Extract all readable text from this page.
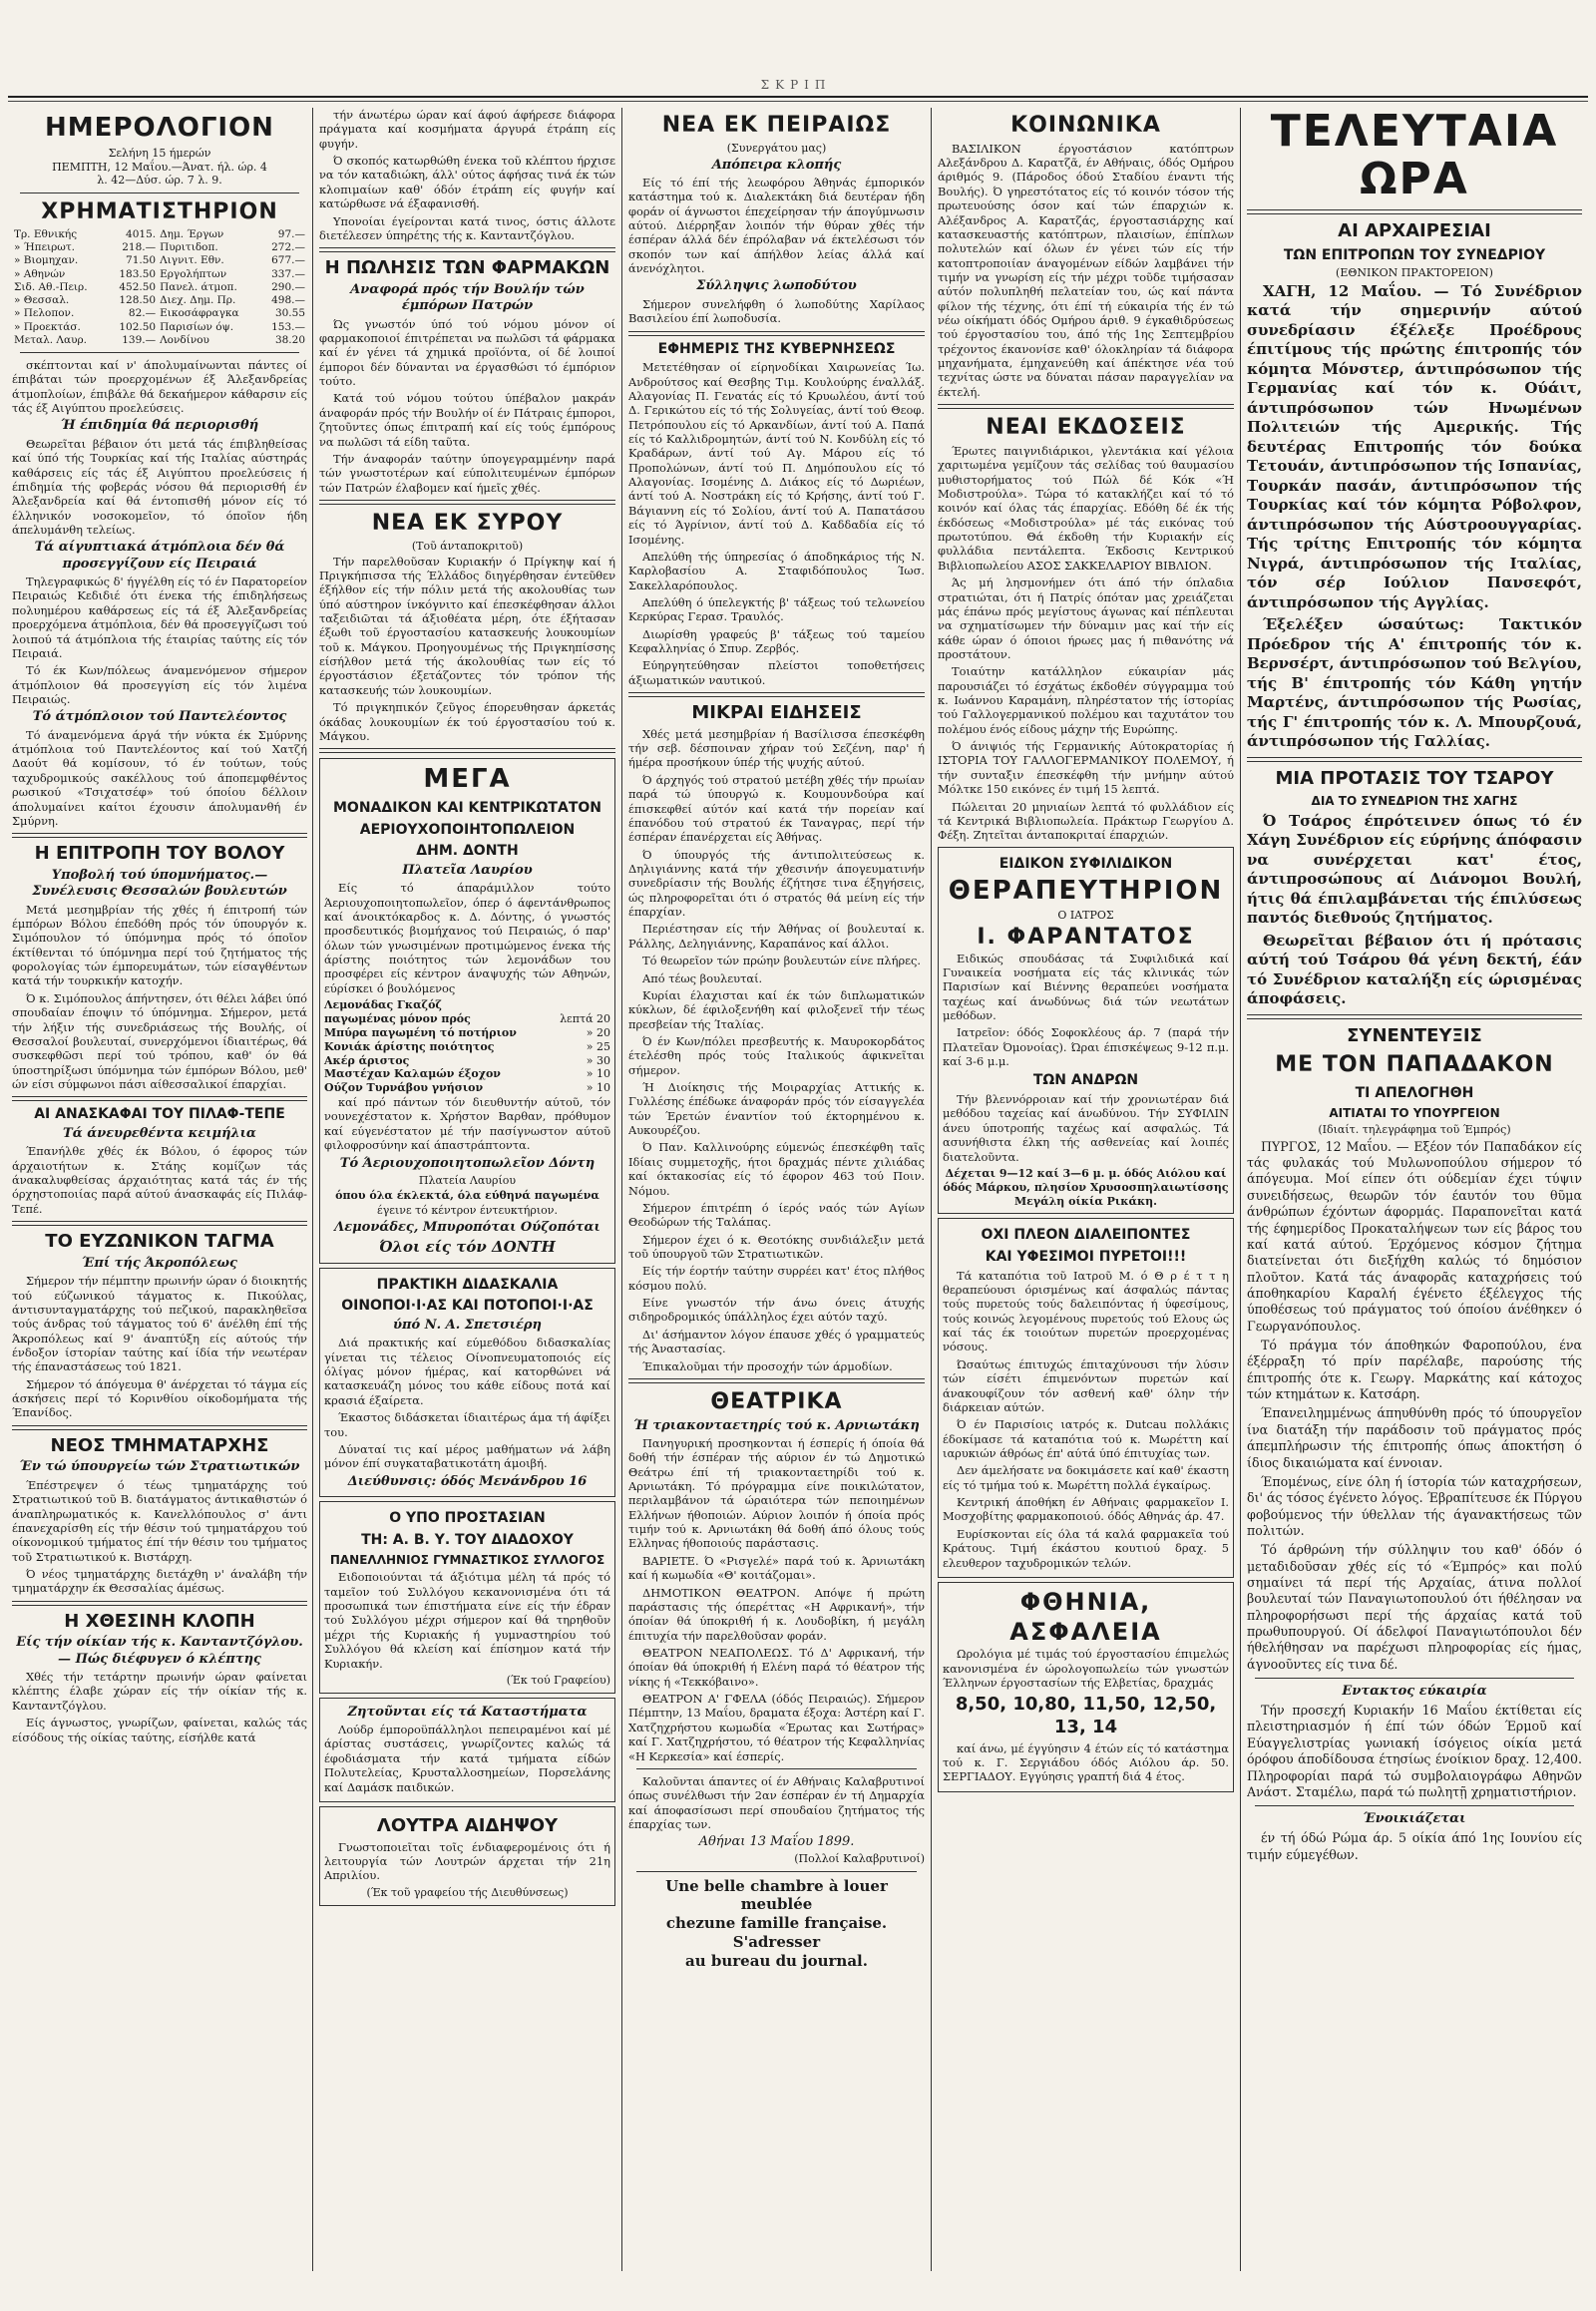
ΣΚΡΙΠ
ΗΜΕΡΟΛΟΓΙΟΝ
Σελήνη 15 ήμερών
ΠΕΜΠΤΗ, 12 Μαΐου.—Άνατ. ήλ. ώρ. 4
λ. 42—Δύσ. ώρ. 7 λ. 9.
ΧΡΗΜΑΤΙΣΤΗΡΙΟΝ
Τρ. Εθνικής	4015.	Δημ. Έργων	97.—
» Ήπειρωτ.	218.—	Πυριτιδοπ.	272.—
» Βιομηχαν.	71.50	Λιγνιτ. Εθν.	677.—
» Αθηνών	183.50	Εργολήπτων	337.—
Σιδ. Αθ.-Πειρ.	452.50	Πανελ. άτμοπ.	290.—
» Θεσσαλ.	128.50	Διεχ. Δημ. Πρ.	498.—
» Πελοπον.	82.—	Εικοσάφραγκα	30.55
» Προεκτάσ.	102.50	Παρισίων όψ.	153.—
Μεταλ. Λαυρ.	139.—	Λονδίνου	38.20
σκέπτονται καί ν' άπολυμαίνωνται πάντες οί έπιβάται τών προερχομένων έξ Άλεξανδρείας άτμοπλοίων, έπιβάλε θά δεκαήμερον κάθαρσιν είς τάς έξ Αιγύπτου προελεύσεις.
Ή έπιδημία θά περιορισθή
Θεωρεῖται βέβαιον ότι μετά τάς έπιβληθείσας καί ύπό τής Τουρκίας καί τής Ιταλίας αύστηράς καθάρσεις είς τάς έξ Αιγύπτου προελεύσεις ή έπιδημία τής φοβεράς νόσου θά περιορισθή έν Άλεξανδρεία καί θά έντοπισθή μόνον είς τό έλληνικόν νοσοκομεῖον, τό όποῖον ήδη άπελυμάνθη τελείως.
Τά αίγυπτιακά άτμόπλοια δέν θά προσεγγίζουν είς Πειραιά
Τηλεγραφικώς δ' ήγγέλθη είς τό έν Παρατορείον Πειραιώς Κεδιδιέ ότι ένεκα τής έπιδηλήσεως πολυημέρου καθάρσεως είς τά έξ Άλεξανδρείας προερχόμενα άτμόπλοια, δέν θά προσεγγίζωσι τού λοιπού τά άτμόπλοια τής έταιρίας ταύτης είς τόν Πειραιά.
Τό έκ Κων/πόλεως άναμενόμενον σήμερον άτμόπλοιον θά προσεγγίση είς τόν λιμένα Πειραιώς.
Τό άτμόπλοιον τού Παντελέοντος
Τό άναμενόμενα άργά τήν νύκτα έκ Σμύρνης άτμόπλοια τού Παντελέοντος καί τού Χατζή Δαούτ θά κομίσουν, τό έν τούτων, τούς ταχυδρομικούς σακέλλους τού άποπεμφθέντος ρωσικού «Τσιχατσέφ» τού όποίου δέλλοιν άπολυμαίνει καίτοι έχουσιν άπολυμανθή έν Σμύρνη.
Η ΕΠΙΤΡΟΠΗ ΤΟΥ ΒΟΛΟΥ
Υποβολή τού ύπομνήματος.— Συνέλευσις Θεσσαλών βουλευτών
Μετά μεσημβρίαν τής χθές ή έπιτροπή τών έμπόρων Βόλου έπεδόθη πρός τόν ύπουργόν κ. Σιμόπουλον τό ύπόμνημα πρός τό όποῖον έκτίθενται τό ύπόμνημα περί τού ζητήματος τής φορολογίας τών έμπορευμάτων, τών είσαγθέντων κατά τήν τουρκικήν κατοχήν.
Ό κ. Σιμόπουλος άπήντησεν, ότι θέλει λάβει ύπό σπουδαίαν έποψιν τό ύπόμνημα. Σήμερον, μετά τήν λήξιν τής συνεδριάσεως τής Βουλής, οί Θεσσαλοί βουλευταί, συνερχόμενοι ίδιαιτέρως, θά συσκεφθῶσι περί τού τρόπου, καθ' όν θά ύποστηρίξωσι ύπόμνημα τών έμπόρων Βόλου, μεθ' ών είσι σύμφωνοι πάσι αίθεσσαλικοί έπαρχίαι.
ΑΙ ΑΝΑΣΚΑΦΑΙ ΤΟΥ ΠΙΛΑΦ-ΤΕΠΕ
Τά άνευρεθέντα κειμήλια
Έπανήλθε χθές έκ Βόλου, ό έφορος τών άρχαιοτήτων κ. Στάης κομίζων τάς άνακαλυφθείσας άρχαιότητας κατά τάς έν τής όρχηστοποιίας παρά αύτού άνασκαφάς είς Πιλάφ-Τεπέ.
ΤΟ ΕΥΖΩΝΙΚΟΝ ΤΑΓΜΑ
Έπί τής Άκροπόλεως
Σήμερον τήν πέμπτην πρωινήν ώραν ό διοικητής τού εύζωνικού τάγματος κ. Πικούλας, άντισυνταγματάρχης τού πεζικού, παρακληθεῖσα τούς άνδρας τού τάγματος τού 6' άνέλθη έπί τής Άκροπόλεως καί 9' άναπτύξη είς αύτούς τήν ένδοξον ίστορίαν ταύτης καί ίδία τήν νεωτέραν τής έπαναστάσεως τού 1821.
Σήμερον τό άπόγευμα θ' άνέρχεται τό τάγμα είς άσκήσεις περί τό Κορινθίου οίκοδομήματα τής Έπανίδος.
ΝΕΟΣ ΤΜΗΜΑΤΑΡΧΗΣ
Έν τώ ύπουργείω τών Στρατιωτικών
Έπέστρεψεν ό τέως τμηματάρχης τού Στρατιωτικού τοῦ Β. διατάγματος άντικαθιστών ό άναπληρωματικός κ. Κανελλόπουλος σ' άντι έπανεχαρίσθη είς τήν θέσιν τού τμηματάρχου τού οίκονομικού τμήματος έπί τήν θέσιν του τμήματος τοῦ Στρατιωτικού κ. Βιστάρχη.
Ό νέος τμηματάρχης διετάχθη ν' άναλάβη τήν τμηματάρχην έκ Θεσσαλίας άμέσως.
Η ΧΘΕΣΙΝΗ ΚΛΟΠΗ
Είς τήν οίκίαν τής κ. Κανταντζόγλου.— Πώς διέφυγεν ό κλέπτης
Χθές τήν τετάρτην πρωινήν ώραν φαίνεται κλέπτης έλαβε χώραν είς τήν οίκίαν τής κ. Κανταντζόγλου.
Είς άγνωστος, γνωρίζων, φαίνεται, καλώς τάς είσόδους τής οίκίας ταύτης, είσήλθε κατά
τήν άνωτέρω ώραν καί άφού άφήρεσε διάφορα πράγματα καί κοσμήματα άργυρά έτράπη είς φυγήν.
Ό σκοπός κατωρθώθη ένεκα τοῦ κλέπτου ήρχισε να τόν καταδιώκη, άλλ' ούτος άφήσας τινά έκ τών κλοπιμαίων καθ' όδόν έτράπη είς φυγήν καί κατώρθωσε νά έξαφανισθή.
Υπονοίαι έγείρονται κατά τινος, όστις άλλοτε διετέλεσεν ύπηρέτης τής κ. Κανταντζόγλου.
Η ΠΩΛΗΣΙΣ ΤΩΝ ΦΑΡΜΑΚΩΝ
Αναφορά πρός τήν Βουλήν τών έμπόρων Πατρών
Ώς γνωστόν ύπό τού νόμου μόνον οί φαρμακοποιοί έπιτρέπεται να πωλῶσι τά φάρμακα καί έν γένει τά χημικά προϊόντα, οί δέ λοιποί έμποροι δέν δύνανται να έργασθώσι τό έμπόριον τούτο.
Κατά τού νόμου τούτου ύπέβαλον μακράν άναφοράν πρός τήν Βουλήν οί έν Πάτραις έμποροι, ζητοῦντες όπως έπιτραπή καί είς τούς έμπόρους να πωλῶσι τά είδη ταῦτα.
Τήν άναφοράν ταύτην ύπογεγραμμένην παρά τών γνωστοτέρων καί εύπολιτευμένων έμπόρων τών Πατρών έλαβομεν καί ήμεῖς χθές.
ΝΕΑ ΕΚ ΣΥΡΟΥ
(Τοῦ άνταποκριτοῦ)
Τήν παρελθοῦσαν Κυριακήν ό Πρίγκηψ καί ή Πριγκήπισσα τής Έλλάδος διηγέρθησαν έντεῦθεν έξήλθον είς τήν πόλιν μετά τής ακολουθίας των ύπό αύστηρον ίνκόγνιτο καί έπεσκέφθησαν άλλοι ταξειδιῶται τά άξιοθέατα μέρη, ότε έξήτασαν έξωθι τοῦ έργοστασίου κατασκευής λουκουμίων τοῦ κ. Μάγκου. Προηγουμένως τής Πριγκηπίσσης είσήλθον μετά τής άκολουθίας των είς τό έργοστάσιον έξετάζοντες τόν τρόπον τής κατασκευής τών λουκουμίων.
Τό πριγκηπικόν ζεῦγος έπορευθησαν άρκετάς όκάδας λουκουμίων έκ τού έργοστασίου τού κ. Μάγκου.
ΜΕΓΑ
ΜΟΝΑΔΙΚΟΝ ΚΑΙ ΚΕΝΤΡΙΚΩΤΑΤΟΝ
ΑΕΡΙΟΥΧΟΠΟΙΗΤΟΠΩΛΕΙΟΝ
ΔΗΜ. ΔΟΝΤΗ
Πλατεῖα Λαυρίου
Είς τό άπαράμιλλον τούτο Άεριουχοποιητοπωλεῖον, όπερ ό άφεντάνθρωπος καί άνοικτόκαρδος κ. Δ. Δόντης, ό γνωστός προσδευτικός βιομήχανος τού Πειραιώς, ό παρ' όλων τών γνωσιμένων προτιμώμενος ένεκα τής άρίστης ποιότητος τών λεμονάδων του προσφέρει είς κέντρον άναψυχής τών Αθηνών, εύρίσκει ό βουλόμενος
Λεμονάδας Γκαζόζ
παγωμένας μόνον πρός	λεπτά 20
Μπύρα παγωμένη τό ποτήριον	» 20
Κονιάκ άρίστης ποιότητος	» 25
Ακέρ άριστος	» 30
Μαστέχαν Καλαμών έξοχον	» 10
Ούζον Τυρνάβου γνήσιον	» 10
καί πρό πάντων τόν διευθυντήν αύτοῦ, τόν νουνεχέστατον κ. Χρήστον Βαρθαν, πρόθυμον καί εύγενέστατον μέ τήν πασίγνωστον αύτοῦ φιλοφροσύνην καί άπαστράπτοντα.
Τό Άεριουχοποιητοπωλεῖον Δόντη
Πλατεία Λαυρίου
όπου όλα έκλεκτά, όλα εύθηνά παγωμένα
έγεινε τό κέντρον έντευκτήριον.
Λεμονάδες, Μπυροπόται Ούζοπόται
Όλοι είς τόν ΔΟΝΤΗ
ΠΡΑΚΤΙΚΗ ΔΙΔΑΣΚΑΛΙΑ
ΟΙΝΟΠΟΙ·Ι·ΑΣ ΚΑΙ ΠΟΤΟΠΟΙ·Ι·ΑΣ
ύπό Ν. Α. Σπετσιέρη
Διά πρακτικής καί εύμεθόδου διδασκαλίας γίνεται τις τέλειος Οίνοπνευματοποιός είς όλίγας μόνον ήμέρας, καί κατορθώνει νά κατασκευάζη μόνος του κάθε είδους ποτά καί κρασιά έξαίρετα.
Έκαστος διδάσκεται ίδιαιτέρως άμα τή άφίξει του.
Δύναταί τις καί μέρος μαθήματων νά λάβη μόνον έπί συγκαταβατικοτάτη άμοιβή.
Διεύθυνσις: όδός Μενάνδρου 16
Ο ΥΠΟ ΠΡΟΣΤΑΣΙΑΝ
ΤΗ: Α. Β. Υ. ΤΟΥ ΔΙΑΔΟΧΟΥ
ΠΑΝΕΛΛΗΝΙΟΣ ΓΥΜΝΑΣΤΙΚΟΣ ΣΥΛΛΟΓΟΣ
Ειδοποιούνται τά άξιότιμα μέλη τά πρός τό ταμεῖον τού Συλλόγου κεκανονισμένα ότι τά προσωπικά των έπιστήματα είνε είς τήν έδραν τού Συλλόγου μέχρι σήμερον καί θά τηρηθοῦν μέχρι τής Κυριακής ή γυμναστηρίου τού Συλλόγου θά κλείση καί έπίσημον κατά τήν Κυριακήν.
(Έκ τού Γραφείου)
Ζητοῦνται είς τά Καταστήματα
Λούδρ έμποροϋπάλληλοι πεπειραμένοι καί μέ άρίστας συστάσεις, γνωρίζοντες καλώς τά έφοδιάσματα τήν κατά τμήματα είδών Πολυτελείας, Κρυσταλλοσημείων, Πορσελάνης καί Δαμάσκ παιδικών.
ΛΟΥΤΡΑ ΑΙΔΗΨΟΥ
Γνωστοποιεῖται τοῖς ένδιαφερομένοις ότι ή λειτουργία τών Λουτρών άρχεται τήν 21η Απριλίου.
(Έκ τοῦ γραφείου τής Διευθύνσεως)
ΝΕΑ ΕΚ ΠΕΙΡΑΙΩΣ
(Συνεργάτου μας)
Απόπειρα κλοπής
Είς τό έπί τής λεωφόρου Άθηνάς έμπορικόν κατάστημα τού κ. Διαλεκτάκη διά δευτέραν ήδη φοράν οί άγνωστοι έπεχείρησαν τήν άπογύμνωσιν αύτού. Διέρρηξαν λοιπόν τήν θύραν χθές τήν έσπέραν άλλά δέν έπρόλαβαν νά έκτελέσωσι τόν σκοπόν των καί άπήλθον λείας άλλά καί άνενόχλητοι.
Σύλληψις λωποδύτου
Σήμερον συνελήφθη ό λωποδύτης Χαρίλαος Βασιλείου έπί λωποδυσία.
ΕΦΗΜΕΡΙΣ ΤΗΣ ΚΥΒΕΡΝΗΣΕΩΣ
Μετετέθησαν οί είρηνοδίκαι Χαιρωνείας Ίω. Ανδρούτσος καί Θεσβης Τιμ. Κουλούρης έναλλάξ. Αλαγονίας Π. Γενατάς είς τό Κρυωλέου, άντί τού Δ. Γερικώτου είς τό τής Σολυγείας, άντί τού Θεοφ. Πετρόπουλου είς τό Αρκανδίων, άντί τού Α. Παπά είς τό Καλλιδρομητών, άντί τού Ν. Κονδύλη είς τό Κραδάρων, άντί τού Αγ. Μάρου είς τό Προπολώνων, άντί τού Π. Δημόπουλου είς τό Αλαγονίας. Ισομένης Δ. Διάκος είς τό Δωριέων, άντί τού Α. Νοστράκη είς τό Κρήσης, άντί τού Γ. Βάγιαννη είς τό Σολίου, άντί τού Α. Παπατάσου είς τό Άγρίνιον, άντί τού Δ. Καδδαδία είς τό Ισομένης.
Απελύθη τής ύπηρεσίας ό άποδηκάριος τής Ν. Καρλοβασίου Α. Σταφιδόπουλος Ίωσ. Σακελλαρόπουλος.
Απελύθη ό ύπελεγκτής β' τάξεως τού τελωνείου Κερκύρας Γερασ. Τραυλός.
Διωρίσθη γραφεύς β' τάξεως τού ταμείου Κεφαλληνίας ό Σπυρ. Ζερβός.
Εύηργητεύθησαν πλείστοι τοποθετήσεις άξιωματικών ναυτικού.
ΜΙΚΡΑΙ ΕΙΔΗΣΕΙΣ
Χθές μετά μεσημβρίαν ή Βασίλισσα έπεσκέφθη τήν σεβ. δέσποιναν χήραν τού Σεζένη, παρ' ή ήμέρα προσήκουν ύπέρ τής ψυχής αύτού.
Ό άρχηγός τού στρατού μετέβη χθές τήν πρωίαν παρά τώ ύπουργώ κ. Κουμουνδούρα καί έπισκεφθεί αύτόν καί κατά τήν πορείαν καί έπανόδου τού στρατού έκ Ταναγρας, περί τήν έσπέραν έπανέρχεται είς Άθήνας.
Ό ύπουργός τής άντιπολιτεύσεως κ. Δηλιγιάννης κατά τήν χθεσινήν άπογευματινήν συνεδρίασιν τής Βουλής έζήτησε τινα έξηγήσεις, ώς πληροφορεῖται ότι ό στρατός θά μείνη είς τήν έπαρχίαν.
Περιέστησαν είς τήν Άθήνας οί βουλευταί κ. Ράλλης, Δεληγιάννης, Καραπάνος καί άλλοι.
Τό θεωρεῖον τών πρώην βουλευτών είνε πλήρες.
Από τέως βουλευταί.
Κυρίαι έλαχισται καί έκ τών διπλωματικών κύκλων, δέ έφιλοξενήθη καί φιλοξενεῖ τήν τέως πρεσβείαν τής Ίταλίας.
Ό έν Κων/πόλει πρεσβευτής κ. Μαυροκορδάτος έτελέσθη πρός τούς Ιταλικούς άφικνεῖται σήμερον.
Ή Διοίκησις τής Μοιραρχίας Αττικής κ. Γυλλέσης έπέδωκε άναφοράν πρός τόν είσαγγελέα τών Έρετών έναντίον τού έκτορημένου κ. Αυκουρέζου.
Ό Παν. Καλλινούρης εύμενώς έπεσκέφθη ταῖς Ιδίαις συμμετοχῆς, ήτοι δραχμάς πέντε χιλιάδας καί όκτακοσίας είς τό έφορον 463 τού Ποιν. Νόμου.
Σήμερον έπιτρέπη ό ίερός ναός τών Αγίων Θεοδώρων τής Ταλάπας.
Σήμερον έχει ό κ. Θεοτόκης συνδιάλεξιν μετά τοῦ ύπουργοῦ τῶν Στρατιωτικῶν.
Είς τήν έορτήν ταύτην συρρέει κατ' έτος πλήθος κόσμου πολύ.
Είνε γνωστόν τήν άνω όνεις άτυχής σιδηροδρομικός ύπάλληλος έχει αύτόν ταχύ.
Δι' άσήμαντον λόγον έπαυσε χθές ό γραμματεύς τής Άναστασίας.
Έπικαλοῦμαι τήν προσοχήν τών άρμοδίων.
ΘΕΑΤΡΙΚΑ
Ή τριακονταετηρίς τού κ. Αρνιωτάκη
Πανηγυρική προσηκονται ή έσπερίς ή όποία θά δοθή τήν έσπέραν τής αύριον έν τώ Δημοτικώ Θεάτρω έπί τή τριακονταετηρίδι τού κ. Αρνιωτάκη. Τό πρόγραμμα είνε ποικιλώτατον, περιλαμβάνον τά ώραιότερα τών πεποιημένων Ελλήνων ήθοποιών. Αύριον λοιπόν ή όποία πρός τιμήν τού κ. Αρνιωτάκη θά δοθή άπό όλους τούς Ελληνας ήθοποιούς παράστασις.
ΒΑΡΙΕΤΕ. Ό «Ρισγελέ» παρά τού κ. Άρνιωτάκη καί ή κωμωδία «Θ' κοιτάζομαι».
ΔΗΜΟΤΙΚΟΝ ΘΕΑΤΡΟΝ. Απόψε ή πρώτη παράστασις τής όπερέττας «Η Αφρικανή», τήν όποίαν θά ύποκριθή ή κ. Λουδοβίκη, ή μεγάλη έπιτυχία τήν παρελθοῦσαν φοράν.
ΘΕΑΤΡΟΝ ΝΕΑΠΟΛΕΩΣ. Τό Δ' Αφρικανή, τήν όποίαν θά ύποκριθή ή Ελένη παρά τό θέατρον τής νίκης ή «Τεκκόβαινο».
ΘΕΑΤΡΟΝ Α' ΓΦΕΛΑ (όδός Πειραιώς). Σήμερον Πέμπτην, 13 Μαΐου, δραματα έξοχα: Άστέρη καί Γ. Χατζηχρήστου κωμωδία «Έρωτας και Σωτήρας» καί Γ. Χατζηχρήστου, τό θέατρον τής Κεφαλληνίας «Η Κερκεσία» καί έσπερίς.
Καλοῦνται άπαντες οί έν Αθήναις Καλαβρυτινοί όπως συνέλθωσι τήν 2αν έσπέραν έν τή Δημαρχία καί άποφασίσωσι περί σπουδαίου ζητήματος τής έπαρχίας των.
Αθήναι 13 Μαΐου 1899.
(Πολλοί Καλαβρυτινοί)
Une belle chambre à louer meublée
chezune famille française. S'adresser
au bureau du journal.
ΚΟΙΝΩΝΙΚΑ
ΒΑΣΙΛΙΚΟΝ έργοστάσιον κατόπτρων Αλεξάνδρου Δ. Καρατζᾶ, έν Αθήναις, όδός Ομήρου άριθμός 9. (Πάροδος όδού Σταδίου έναντι τής Βουλής). Ό γηρεστότατος είς τό κοινόν τόσον τής πρωτευούσης όσον καί τών έπαρχιών κ. Αλέξανδρος Α. Καρατζάς, έργοστασιάρχης καί κατασκευαστής κατόπτρων, πλαισίων, έπίπλων πολυτελών καί όλων έν γένει τών είς τήν κατοπτροποιίαν άναγομένων είδών λαμβάνει τήν τιμήν να γνωρίση είς τήν μέχρι τοῦδε τιμήσασαν αύτόν πολυπληθή πελατείαν του, ώς καί πάντα φίλον τής τέχνης, ότι έπί τή εύκαιρία τής έν τώ νέω οίκήματι όδός Ομήρου άριθ. 9 έγκαθιδρύσεως τού έργοστασίου του, άπό τής 1ης Σεπτεμβρίου τρέχοντος έκανονίσε καθ' όλοκληρίαν τά διάφορα μηχανήματα, έμηχανεύθη καί άπέκτησε νέα τού τεχνίτας ώστε να δύναται πάσαν παραγγελίαν να έκτελή.
ΝΕΑΙ ΕΚΔΟΣΕΙΣ
Έρωτες παιγνιδιάρικοι, γλεντάκια καί γέλοια χαριτωμένα γεμίζουν τάς σελίδας τού θαυμασίου μυθιστορήματος τού Πώλ δέ Κόκ «Ή Μοδιστρούλα». Τώρα τό κατακλήζει καί τό τό κοινόν καί όλας τάς έπαρχίας. Εδόθη δέ έκ τής έκδόσεως «Μοδιστρούλα» μέ τάς εικόνας τού πρωτοτύπου. Θά έκδοθη τήν Κυριακήν είς φυλλάδια πεντάλεπτα. Έκδοσις Κεντρικού Βιβλιοπωλείου ΑΣΟΣ ΣΑΚΚΕΛΑΡΙΟΥ ΒΙΒΛΙΟΝ.
Άς μή λησμονήμεν ότι άπό τήν όπλαδια στρατιώται, ότι ή Πατρίς όπόταν μας χρειάζεται μάς έπάνω πρός μεγίστους άγωνας καί πέπλευται να σχηματίσωμεν τήν δύναμιν μας καί τήν είς κάθε ώραν ό όποιοι ήρωες μας ή πιθανότης νά προστάτουν.
Τοιαύτην κατάλληλον εύκαιρίαν μάς παρουσιάζει τό έσχάτως έκδοθέν σύγγραμμα τού κ. Ιωάννου Καραμάνη, πληρέστατον τής ίστορίας τού Γαλλογερμανικού πολέμου και ταχυτάτον του πολέμου ένός είδους μάχην τής Ευρώπης.
Ό άνιψιός τής Γερμανικής Αύτοκρατορίας ή ΙΣΤΟΡΙΑ ΤΟΥ ΓΑΛΛΟΓΕΡΜΑΝΙΚΟΥ ΠΟΛΕΜΟΥ, ή τήν συνταξιν έπεσκέφθη τήν μνήμην αύτού Μόλτκε 150 εικόνες έν τιμή 15 λεπτά.
Πώλειται 20 μηνιαίων λεπτά τό φυλλάδιον είς τά Κεντρικά Βιβλιοπωλεία. Πράκτωρ Γεωργίου Δ. Φέξη. Ζητεῖται άνταποκριταί έπαρχιών.
ΕΙΔΙΚΟΝ ΣΥΦΙΛΙΔΙΚΟΝ
ΘΕΡΑΠΕΥΤΗΡΙΟΝ
Ο ΙΑΤΡΟΣ
Ι. ΦΑΡΑΝΤΑΤΟΣ
Ειδικώς σπουδάσας τά Συφιλιδικά καί Γυναικεία νοσήματα είς τάς κλινικάς τών Παρισίων καί Βιέννης θεραπεύει νοσήματα ταχέως καί άνωδύνως διά τών νεωτάτων μεθόδων.
Ιατρεῖον: όδός Σοφοκλέους άρ. 7 (παρά τήν Πλατεῖαν Όμονοίας). Ώραι έπισκέψεως 9-12 π.μ. καί 3-6 μ.μ.
ΤΩΝ ΑΝΔΡΩΝ
Τήν βλεννόρροιαν καί τήν χρονιωτέραν διά μεθόδου ταχείας καί άνωδύνου. Τήν ΣΥΦΙΛΙΝ άνευ ύποτροπής ταχέως καί ασφαλώς. Τά ασυνήθιστα έλκη τής ασθενείας καί λοιπές διατελοῦντα.
Δέχεται 9—12 καί 3—6 μ. μ. όδός Αιόλου καί όδός Μάρκου, πλησίον Χρυσοσπηλαιωτίσσης Μεγάλη οίκία Ρικάκη.
ΟΧΙ ΠΛΕΟΝ ΔΙΑΛΕΙΠΟΝΤΕΣ
ΚΑΙ ΥΦΕΣΙΜΟΙ ΠΥΡΕΤΟΙ!!!
Τά καταπότια τοῦ Ιατροῦ Μ. ό Θ ρ έ τ τ η θεραπεύουσι όρισμένως καί άσφαλώς πάντας τούς πυρετούς τούς δαλειπόντας ή ύφεσίμους, τούς κοινώς λεγομένους πυρετούς τού Ελους ώς καί τάς έκ τοιούτων πυρετών προερχομένας νόσους.
Ώσαύτως έπιτυχώς έπιταχύνουσι τήν λύσιν τών είσέτι έπιμενόντων πυρετών καί άνακουφίζουν τόν ασθενή καθ' όλην τήν διάρκειαν αύτών.
Ό έν Παρισίοις ιατρός κ. Dutcau πολλάκις έδοκίμασε τά καταπότια τού κ. Μωρέττη καί ιαρυκιών άθρόως έπ' αύτά ύπό έπιτυχίας των.
Δεν άμελήσατε να δοκιμάσετε καί καθ' έκαστη είς τό τμήμα τού κ. Μωρέττη πολλά έγκαίρως.
Κεντρική άποθήκη έν Αθήναις φαρμακεῖον Ι. Μοσχοβίτης φαρμακοποιού. όδός Αθηνάς άρ. 47.
Ευρίσκονται είς όλα τά καλά φαρμακεῖα τού Κράτους. Τιμή έκάστου κουτιού δραχ. 5 ελευθερον ταχυδρομικών τελών.
ΦΘΗΝΙΑ, ΑΣΦΑΛΕΙΑ
Ωρολόγια μέ τιμάς τού έργοστασίου έπιμελώς κανονισμένα έν ώρολογοπωλείω τών γνωστών Έλληνων έργοστασίων τής Ελβετίας, δραχμάς
8,50, 10,80, 11,50, 12,50, 13, 14
καί άνω, μέ έγγύησιν 4 έτών είς τό κατάστημα τού κ. Γ. Σεργιάδου όδός Αιόλου άρ. 50. ΣΕΡΓΙΑΔΟΥ. Εγγύησις γραπτή διά 4 έτος.
ΤΕΛΕΥΤΑΙΑ ΩΡΑ
ΑΙ ΑΡΧΑΙΡΕΣΙΑΙ
ΤΩΝ ΕΠΙΤΡΟΠΩΝ ΤΟΥ ΣΥΝΕΔΡΙΟΥ
(ΕΘΝΙΚΟΝ ΠΡΑΚΤΟΡΕΙΟΝ)
ΧΑΓΗ, 12 Μαΐου. — Τό Συνέδριον κατά τήν σημερινήν αύτού συνεδρίασιν έξέλεξε Προέδρους έπιτίμους τής πρώτης έπιτροπής τόν κόμητα Μόνστερ, άντιπρόσωπον τής Γερμανίας καί τόν κ. Ούάιτ, άντιπρόσωπον τών Ηνωμένων Πολιτειών τής Αμερικής. Τής δευτέρας Επιτροπής τόν δούκα Τετουάν, άντιπρόσωπον τής Ισπανίας, Τουρκάν πασάν, άντιπρόσωπον τής Τουρκίας καί τόν κόμητα Ρόβολφον, άντιπρόσωπον τής Αύστροουγγαρίας. Τής τρίτης Επιτροπής τόν κόμητα Νιγρά, άντιπρόσωπον τής Ιταλίας, τόν σέρ Ιούλιον Πανσεφότ, άντιπρόσωπον τής Αγγλίας.
Έξελέξεν ώσαύτως: Τακτικόν Πρόεδρον τής Α' έπιτροπής τόν κ. Βερνσέρτ, άντιπρόσωπον τού Βελγίου, τής Β' έπιτροπής τόν Κάθη γητήν Μαρτένς, άντιπρόσωπον τής Ρωσίας, τής Γ' έπιτροπής τόν κ. Λ. Μπουρζουά, άντιπρόσωπον τής Γαλλίας.
ΜΙΑ ΠΡΟΤΑΣΙΣ ΤΟΥ ΤΣΑΡΟΥ
ΔΙΑ ΤΟ ΣΥΝΕΔΡΙΟΝ ΤΗΣ ΧΑΓΗΣ
Ό Τσάρος έπρότεινεν όπως τό έν Χάγη Συνέδριον είς εύρήνης άπόφασιν να συνέρχεται κατ' έτος, άντιπροσώπους αί Διάνομοι Βουλή, ήτις θά έπιλαμβάνεται τής έπιλύσεως παντός διεθνούς ζητήματος.
Θεωρεῖται βέβαιον ότι ή πρότασις αύτή τού Τσάρου θά γένη δεκτή, έάν τό Συνέδριον καταλήξη είς ώρισμένας άποφάσεις.
ΣΥΝΕΝΤΕΥΞΙΣ
ΜΕ ΤΟΝ ΠΑΠΑΔΑΚΟΝ
ΤΙ ΑΠΕΛΟΓΗΘΗ
ΑΙΤΙΑΤΑΙ ΤΟ ΥΠΟΥΡΓΕΙΟΝ
(Ιδιαίτ. τηλεγράφημα τοῦ Έμπρός)
ΠΥΡΓΟΣ, 12 Μαΐου. — Εξέον τόν Παπαδάκον είς τάς φυλακάς τού Μυλωνοπούλου σήμερον τό άπόγευμα. Μοί είπεν ότι ούδεμίαν έχει τύψιν συνειδήσεως, θεωρῶν τόν έαυτόν του θῦμα άνθρώπων έχόντων άφορμάς. Παραπονεῖται κατά τής έφημερίδος Προκαταλήψεων των είς βάρος του καί κατά αύτού. Έρχόμενος κόσμον ζήτημα διατείνεται ότι διεξήχθη καλώς τό δημόσιον πλοῦτον. Κατά τάς άναφορᾶς καταχρήσεις τού άποθηκαρίου Καραλή έγένετο έξέλεγχος τής ύποθέσεως τού πράγματος τού όποίου άνέθηκεν ό Γεωργανόπουλος.
Τό πράγμα τόν άποθηκών Φαροπούλου, ένα έξέρραξη τό πρίν παρέλαβε, παρούσης τής έπιτροπής ότε κ. Γεωργ. Μαρκάτης καί κάτοχος τών κτημάτων κ. Κατσάρη.
Έπανειλημμένως άπηυθύνθη πρός τό ύπουργεῖον ίνα διατάξη τήν παράδοσιν τοῦ πράγματος πρός άπεμπλήρωσιν τής έπιτροπής όπως άποκτήση ό ίδιος δικαιώματα καί έννοιαν.
Έπομένως, είνε όλη ή ίστορία τών καταχρήσεων, δι' άς τόσος έγένετο λόγος. Έβραπίτευσε έκ Πύργου φοβούμενος τήν ύθελλαν τής άγανακτήσεως τῶν πολιτών.
Τό άρθρώνη τήν σύλληψιν του καθ' όδόν ό μεταδιδοῦσαν χθές είς τό «Έμπρός» και πολύ σημαίνει τά περί τής Αρχαίας, άτινα πολλοί βουλευταί τών Παναγιωτοπουλού ότι ήθέλησαν να πληροφορήσωσι περί τής άρχαίας κατά τοῦ πρωθυπουργού. Οί άδελφοί Παναγιωτόπουλοι δέν ήθελήθησαν να παρέχωσι πληροφορίας είς ήμας, άγνοοῦντες είς τινα δέ.
Εντακτος εύκαιρία
Τήν προσεχή Κυριακήν 16 Μαΐου έκτίθεται είς πλειστηριασμόν ή έπί τών όδών Έρμοῦ καί Εύαγγελιστρίας γωνιακή ίσόγειος οίκία μετά όρόφου άποδίδουσα έτησίως ένοίκιον δραχ. 12,400. Πληροφορίαι παρά τώ συμβολαιογράφω Αθηνῶν Ανάστ. Σταμέλω, παρά τώ πωλητῇ χρηματιστήριον.
Ένοικιάζεται
έν τή όδώ Ρώμα άρ. 5 οίκία άπό 1ης Ιουνίου είς τιμήν εύμεγέθων.
